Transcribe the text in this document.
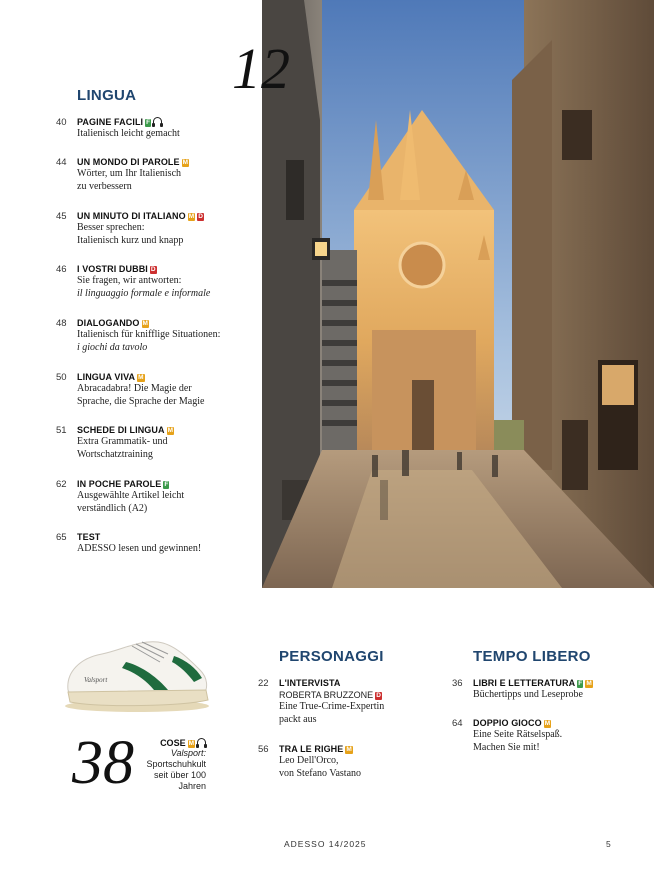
12
LINGUA
40 PAGINE FACILI F
Italienisch leicht gemacht
44 UN MONDO DI PAROLE M
Wörter, um Ihr Italienisch
zu verbessern
45 UN MINUTO DI ITALIANO M D
Besser sprechen:
Italienisch kurz und knapp
46 I VOSTRI DUBBI D
Sie fragen, wir antworten:
il linguaggio formale e informale
48 DIALOGANDO M
Italienisch für knifflige Situationen:
i giochi da tavolo
50 LINGUA VIVA M
Abracadabra! Die Magie der
Sprache, die Sprache der Magie
51 SCHEDE DI LINGUA M
Extra Grammatik- und
Wortschatztraining
62 IN POCHE PAROLE F
Ausgewählte Artikel leicht
verständlich (A2)
65 TEST
ADESSO lesen und gewinnen!
Valsport
38	COSE M
Valsport:
Sportschuhkult
seit über 100
Jahren
PERSONAGGI
22 L'INTERVISTA
ROBERTA BRUZZONE D
Eine True-Crime-Expertin
packt aus
56 TRA LE RIGHE M
Leo Dell'Orco,
von Stefano Vastano
TEMPO LIBERO
36 LIBRI E LETTERATURA F M
Büchertipps und Leseprobe
64 DOPPIO GIOCO M
Eine Seite Rätselspaß.
Machen Sie mit!
ADESSO 14/2025	5
